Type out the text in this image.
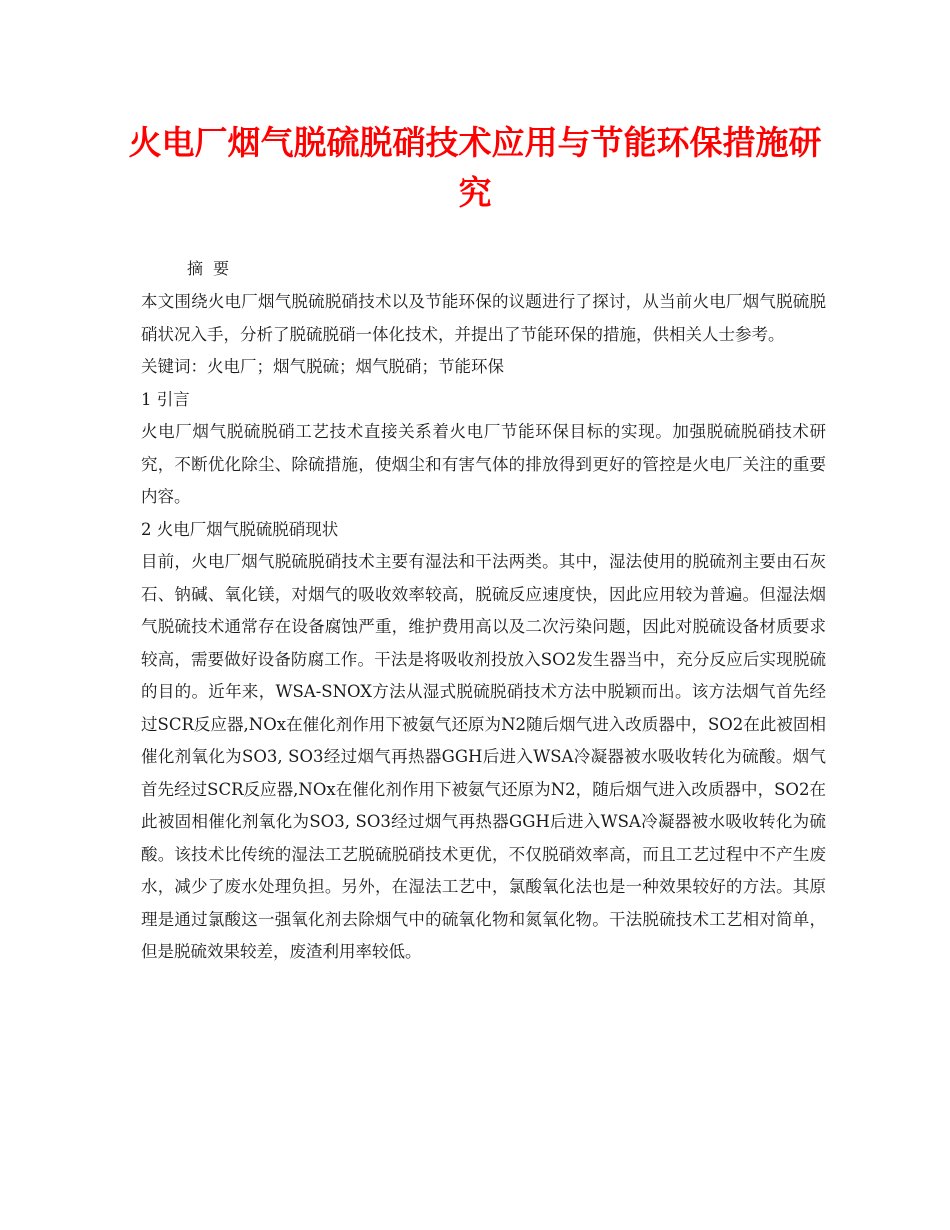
火电厂烟气脱硫脱硝技术应用与节能环保措施研究
摘要

本文围绕火电厂烟气脱硫脱硝技术以及节能环保的议题进行了探讨，从当前火电厂烟气脱硫脱硝状况入手，分析了脱硫脱硝一体化技术，并提出了节能环保的措施，供相关人士参考。

关键词：火电厂；烟气脱硫；烟气脱硝；节能环保

1 引言

火电厂烟气脱硫脱硝工艺技术直接关系着火电厂节能环保目标的实现。加强脱硫脱硝技术研究，不断优化除尘、除硫措施，使烟尘和有害气体的排放得到更好的管控是火电厂关注的重要内容。

2 火电厂烟气脱硫脱硝现状

目前，火电厂烟气脱硫脱硝技术主要有湿法和干法两类。其中，湿法使用的脱硫剂主要由石灰石、钠碱、氧化镁，对烟气的吸收效率较高，脱硫反应速度快，因此应用较为普遍。但湿法烟气脱硫技术通常存在设备腐蚀严重，维护费用高以及二次污染问题，因此对脱硫设备材质要求较高，需要做好设备防腐工作。干法是将吸收剂投放入SO2发生器当中，充分反应后实现脱硫的目的。近年来，WSA-SNOX方法从湿式脱硫脱硝技术方法中脱颖而出。该方法烟气首先经过SCR反应器,NOx在催化剂作用下被氨气还原为N2随后烟气进入改质器中，SO2在此被固相催化剂氧化为SO3, SO3经过烟气再热器GGH后进入WSA冷凝器被水吸收转化为硫酸。烟气首先经过SCR反应器,NOx在催化剂作用下被氨气还原为N2，随后烟气进入改质器中，SO2在此被固相催化剂氧化为SO3, SO3经过烟气再热器GGH后进入WSA冷凝器被水吸收转化为硫酸。该技术比传统的湿法工艺脱硫脱硝技术更优，不仅脱硝效率高，而且工艺过程中不产生废水，减少了废水处理负担。另外，在湿法工艺中，氯酸氧化法也是一种效果较好的方法。其原理是通过氯酸这一强氧化剂去除烟气中的硫氧化物和氮氧化物。干法脱硫技术工艺相对简单，但是脱硫效果较差，废渣利用率较低。
